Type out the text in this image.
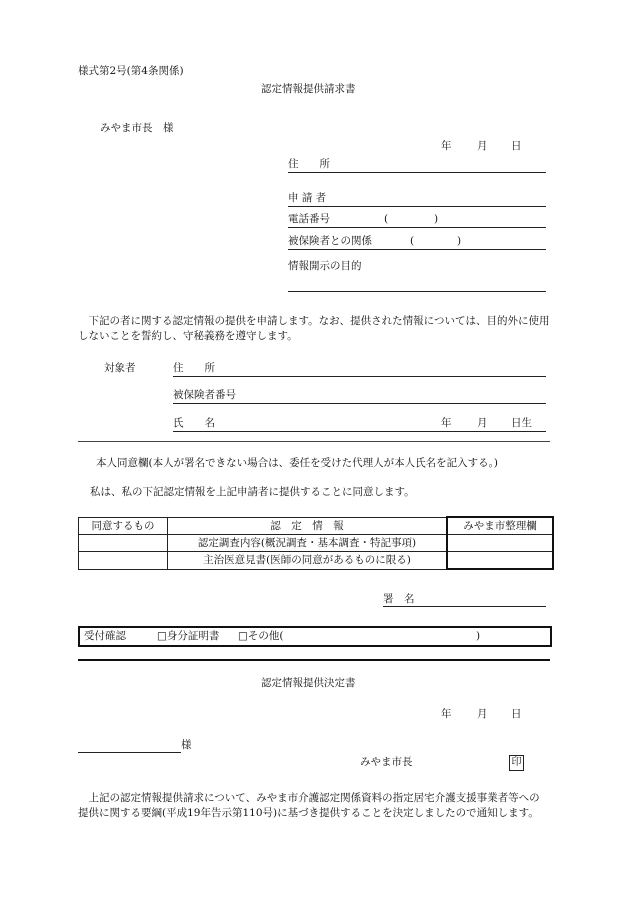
様式第2号(第4条関係)
認定情報提供請求書
みやま市長　様
年 月 日
住　　所
申 請 者
電話番号	(	)
被保険者との関係	(	)
情報開示の目的
下記の者に関する認定情報の提供を申請します。なお、提供された情報については、目的外に使用しないことを誓約し、守秘義務を遵守します。
対象者	住　　所
被保険者番号
氏　　名	年 月 日生
本人同意欄(本人が署名できない場合は、委任を受けた代理人が本人氏名を記入する。)
私は、私の下記認定情報を上記申請者に提供することに同意します。
同意するもの	認　定　情　報	みやま市整理欄
	認定調査内容(概況調査・基本調査・特記事項)	
	主治医意見書(医師の同意があるものに限る)	
署　名
受付確認	□身分証明書 □その他(	)
認定情報提供決定書
年 月 日
様
みやま市長	印
上記の認定情報提供請求について、みやま市介護認定関係資料の指定居宅介護支援事業者等への提供に関する要綱(平成19年告示第110号)に基づき提供することを決定しましたので通知します。
